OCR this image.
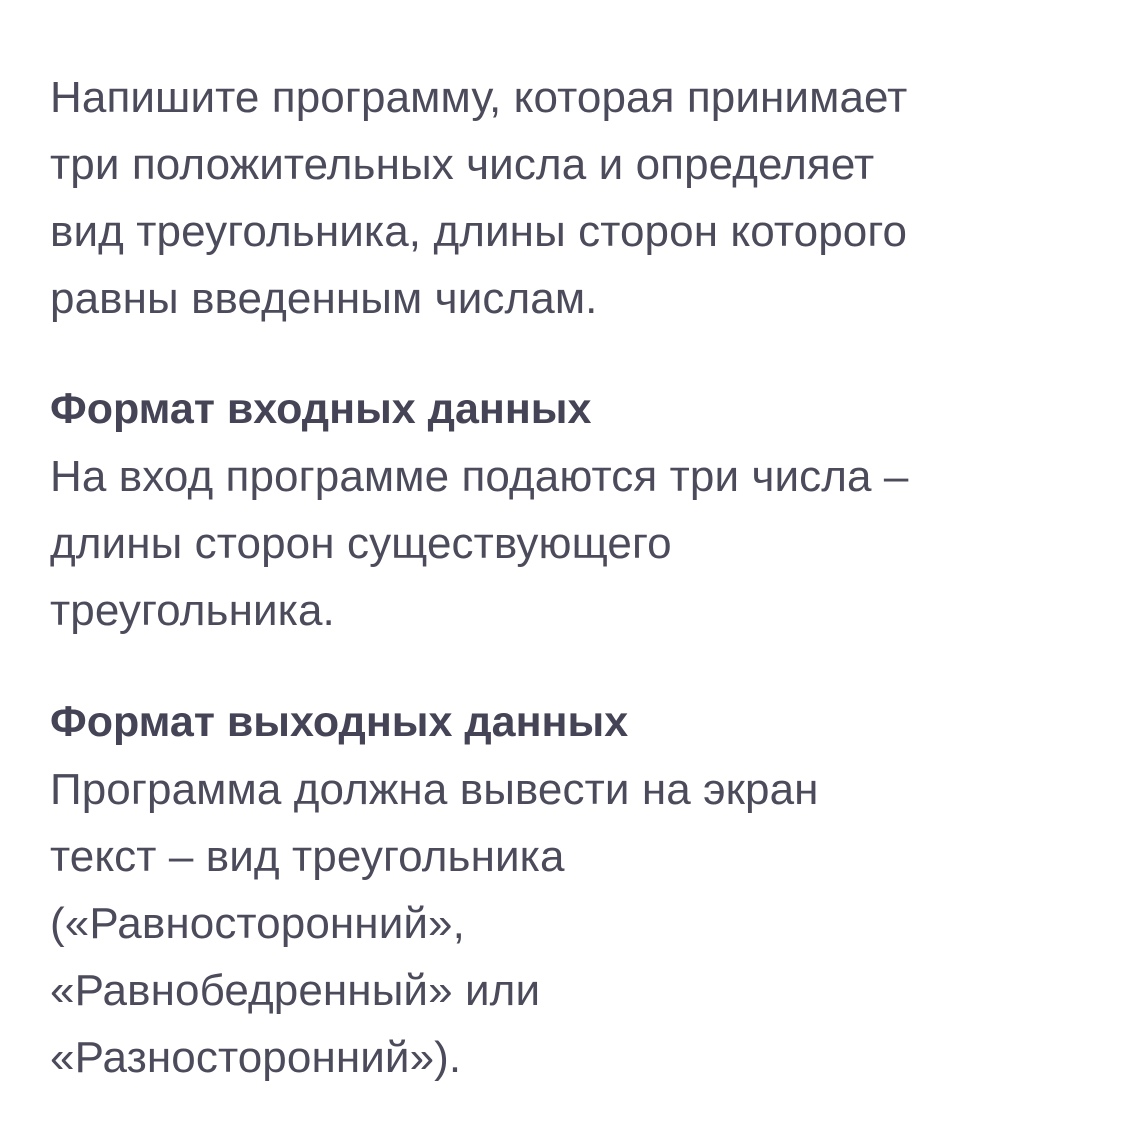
Напишите программу, которая принимает
три положительных числа и определяет
вид треугольника, длины сторон которого
равны введенным числам.
Формат входных данных
На вход программе подаются три числа –
длины сторон существующего
треугольника.
Формат выходных данных
Программа должна вывести на экран
текст – вид треугольника
(«Равносторонний»,
«Равнобедренный» или
«Разносторонний»).
